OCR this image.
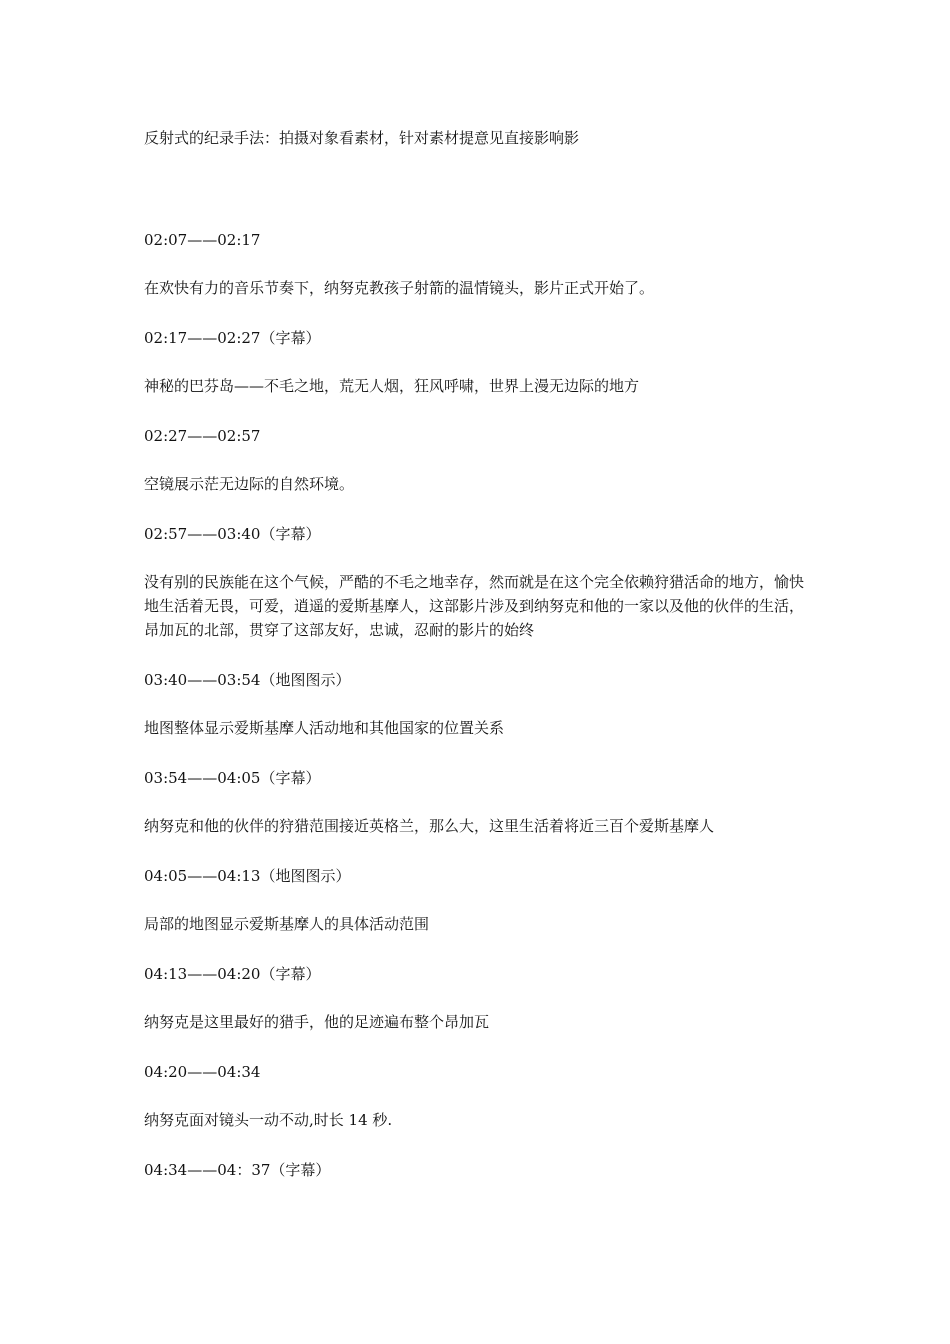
反射式的纪录手法：拍摄对象看素材，针对素材提意见直接影响影

02:07——02:17

在欢快有力的音乐节奏下，纳努克教孩子射箭的温情镜头，影片正式开始了。

02:17——02:27（字幕）

神秘的巴芬岛——不毛之地，荒无人烟，狂风呼啸，世界上漫无边际的地方

02:27——02:57

空镜展示茫无边际的自然环境。

02:57——03:40（字幕）

没有别的民族能在这个气候，严酷的不毛之地幸存，然而就是在这个完全依赖狩猎活命的地方，愉快地生活着无畏，可爱，逍遥的爱斯基摩人，这部影片涉及到纳努克和他的一家以及他的伙伴的生活，昂加瓦的北部，贯穿了这部友好，忠诚，忍耐的影片的始终

03:40——03:54（地图图示）

地图整体显示爱斯基摩人活动地和其他国家的位置关系

03:54——04:05（字幕）

纳努克和他的伙伴的狩猎范围接近英格兰，那么大，这里生活着将近三百个爱斯基摩人

04:05——04:13（地图图示）

局部的地图显示爱斯基摩人的具体活动范围

04:13——04:20（字幕）

纳努克是这里最好的猎手，他的足迹遍布整个昂加瓦

04:20——04:34

纳努克面对镜头一动不动,时长 14 秒.

04:34——04：37（字幕）
